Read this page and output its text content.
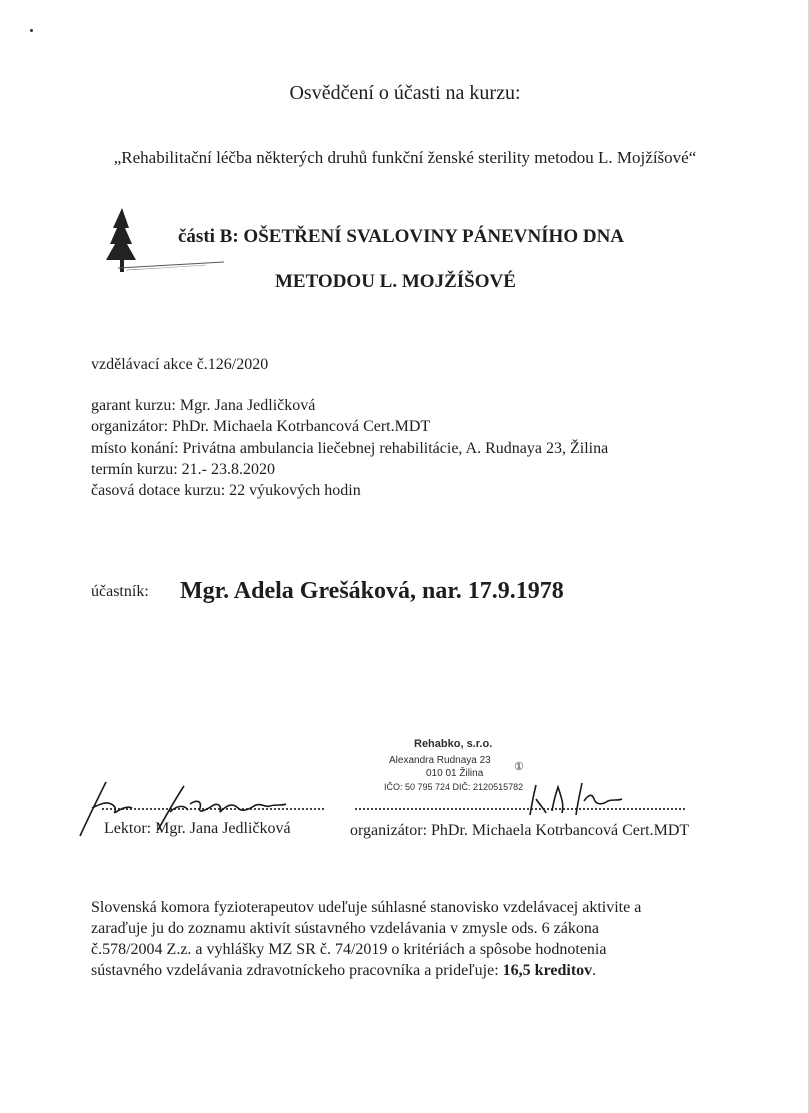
Osvědčení o účasti na kurzu:
„Rehabilitační léčba některých druhů funkční ženské sterility metodou L. Mojžíšové“
části B: OŠETŘENÍ SVALOVINY PÁNEVNÍHO DNA
METODOU L. MOJŽÍŠOVÉ
vzdělávací akce č.126/2020
garant kurzu: Mgr. Jana Jedličková
organizátor: PhDr. Michaela Kotrbancová Cert.MDT
místo konání: Privátna ambulancia liečebnej rehabilitácie, A. Rudnaya 23, Žilina
termín kurzu: 21.- 23.8.2020
časová dotace kurzu: 22 výukových hodin
účastník: Mgr. Adela Grešáková, nar. 17.9.1978
Rehabko, s.r.o.
Alexandra Rudnaya 23
①
010 01 Žilina
IČO: 50 795 724 DIČ: 2120515782
Lektor: Mgr. Jana Jedličková	organizátor: PhDr. Michaela Kotrbancová Cert.MDT
Slovenská komora fyzioterapeutov udeľuje súhlasné stanovisko vzdelávacej aktivite a
zaraďuje ju do zoznamu aktivít sústavného vzdelávania v zmysle ods. 6 zákona
č.578/2004 Z.z. a vyhlášky MZ SR č. 74/2019 o kritériách a spôsobe hodnotenia
sústavného vzdelávania zdravotníckeho pracovníka a prideľuje: 16,5 kreditov.
